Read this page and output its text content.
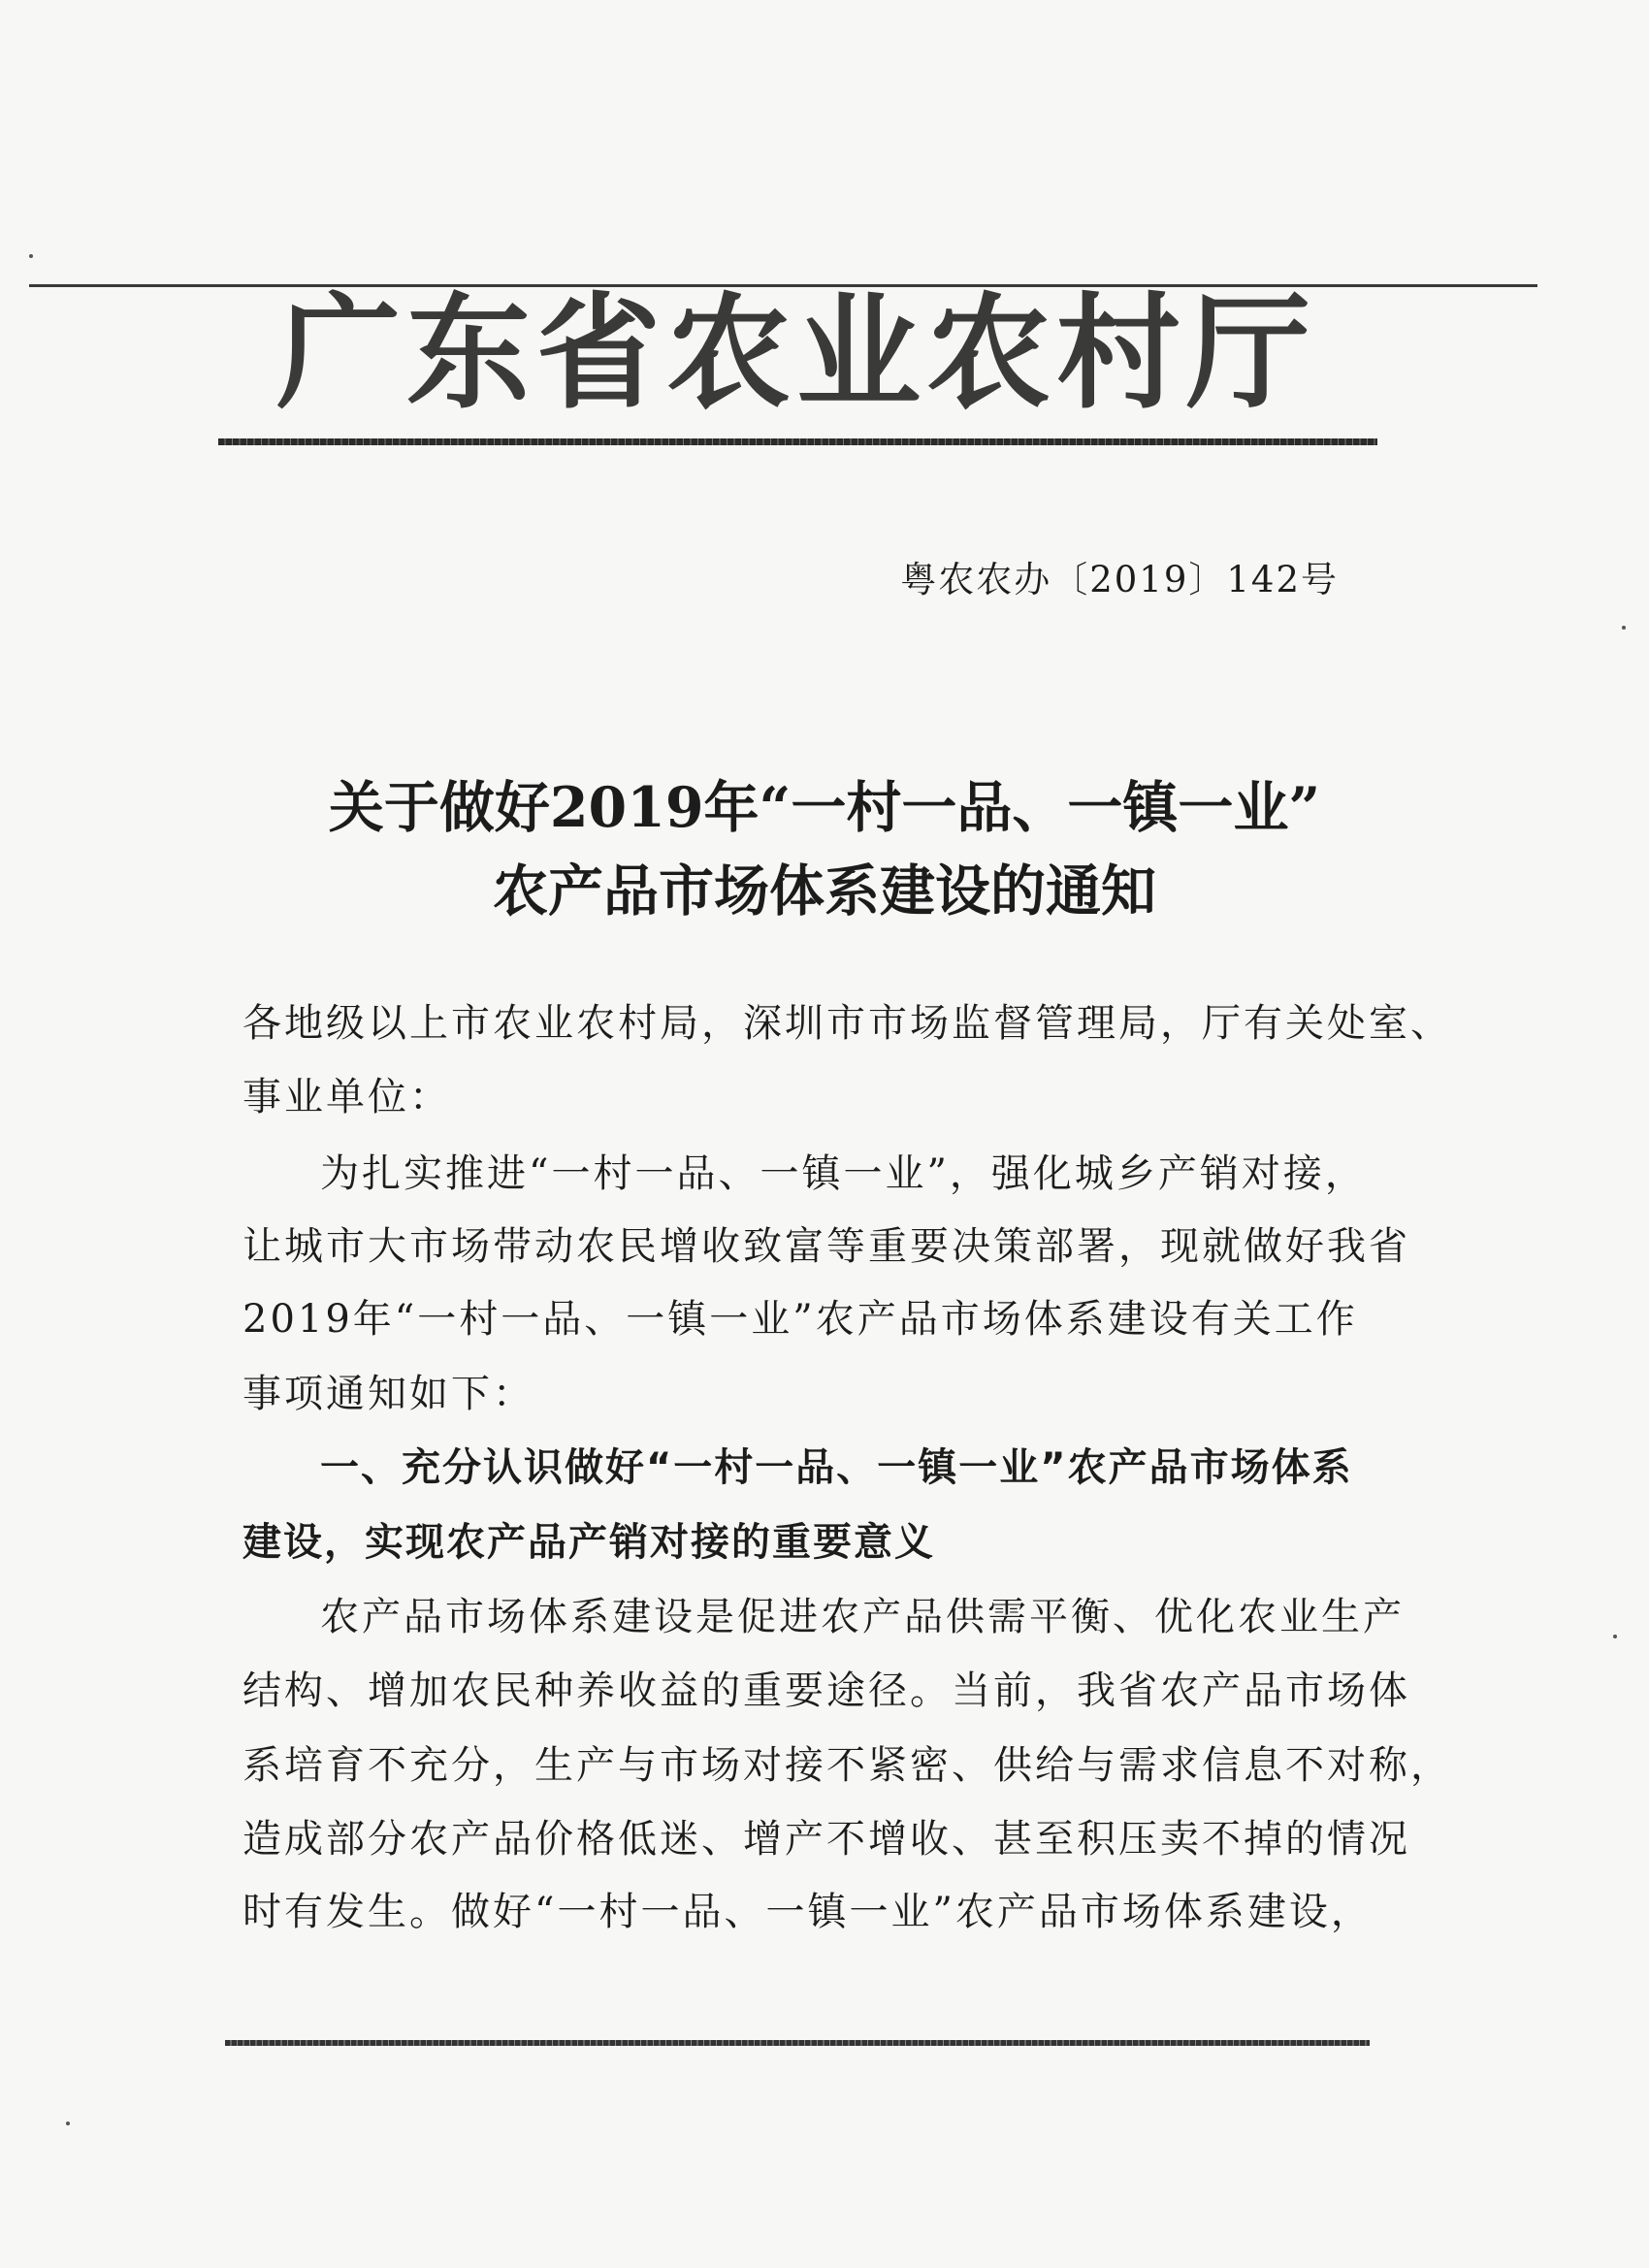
广东省农业农村厅
粤农农办〔2019〕142号
关于做好2019年“一村一品、一镇一业”
农产品市场体系建设的通知
各地级以上市农业农村局，深圳市市场监督管理局，厅有关处室、
事业单位：
为扎实推进“一村一品、一镇一业”，强化城乡产销对接，
让城市大市场带动农民增收致富等重要决策部署，现就做好我省
2019年“一村一品、一镇一业”农产品市场体系建设有关工作
事项通知如下：
一、充分认识做好“一村一品、一镇一业”农产品市场体系
建设，实现农产品产销对接的重要意义
农产品市场体系建设是促进农产品供需平衡、优化农业生产
结构、增加农民种养收益的重要途径。当前，我省农产品市场体
系培育不充分，生产与市场对接不紧密、供给与需求信息不对称，
造成部分农产品价格低迷、增产不增收、甚至积压卖不掉的情况
时有发生。做好“一村一品、一镇一业”农产品市场体系建设，
